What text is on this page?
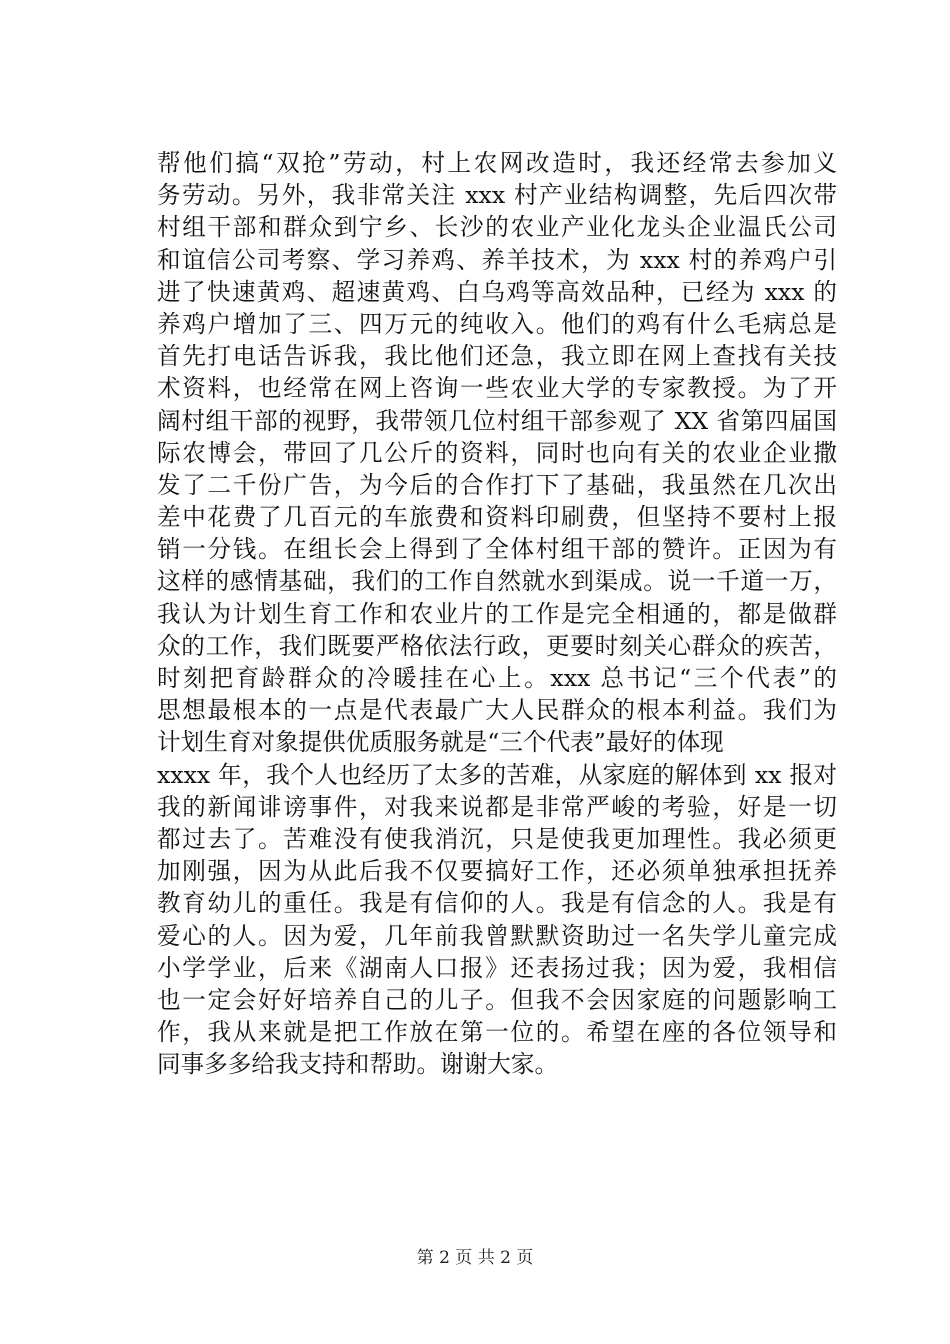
帮他们搞“双抢”劳动，村上农网改造时，我还经常去参加义
务劳动。另外，我非常关注 xxx 村产业结构调整，先后四次带
村组干部和群众到宁乡、长沙的农业产业化龙头企业温氏公司
和谊信公司考察、学习养鸡、养羊技术，为 xxx 村的养鸡户引
进了快速黄鸡、超速黄鸡、白乌鸡等高效品种，已经为 xxx 的
养鸡户增加了三、四万元的纯收入。他们的鸡有什么毛病总是
首先打电话告诉我，我比他们还急，我立即在网上查找有关技
术资料，也经常在网上咨询一些农业大学的专家教授。为了开
阔村组干部的视野，我带领几位村组干部参观了 XX 省第四届国
际农博会，带回了几公斤的资料，同时也向有关的农业企业撒
发了二千份广告，为今后的合作打下了基础，我虽然在几次出
差中花费了几百元的车旅费和资料印刷费，但坚持不要村上报
销一分钱。在组长会上得到了全体村组干部的赞许。正因为有
这样的感情基础，我们的工作自然就水到渠成。说一千道一万，
我认为计划生育工作和农业片的工作是完全相通的，都是做群
众的工作，我们既要严格依法行政，更要时刻关心群众的疾苦，
时刻把育龄群众的冷暖挂在心上。xxx 总书记“三个代表”的
思想最根本的一点是代表最广大人民群众的根本利益。我们为
计划生育对象提供优质服务就是“三个代表”最好的体现
xxxx 年，我个人也经历了太多的苦难，从家庭的解体到 xx 报对
我的新闻诽谤事件，对我来说都是非常严峻的考验，好是一切
都过去了。苦难没有使我消沉，只是使我更加理性。我必须更
加刚强，因为从此后我不仅要搞好工作，还必须单独承担抚养
教育幼儿的重任。我是有信仰的人。我是有信念的人。我是有
爱心的人。因为爱，几年前我曾默默资助过一名失学儿童完成
小学学业，后来《湖南人口报》还表扬过我；因为爱，我相信
也一定会好好培养自己的儿子。但我不会因家庭的问题影响工
作，我从来就是把工作放在第一位的。希望在座的各位领导和
同事多多给我支持和帮助。谢谢大家。
第 2 页 共 2 页
